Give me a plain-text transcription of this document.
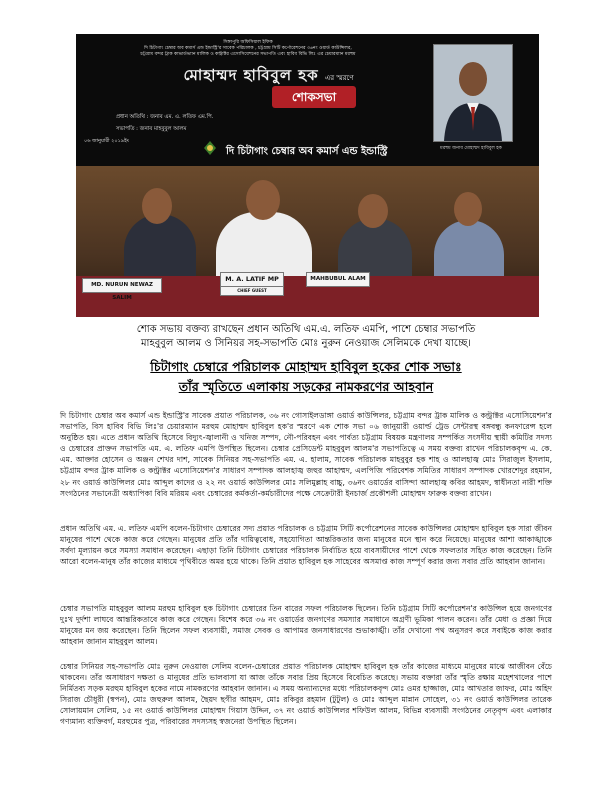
সিঙ্গাপুরি অফিসিয়াল ইফিক
দি চিটাগাং চেম্বার অব কমার্স এন্ড ইন্ডাস্ট্রি'র সাবেক পরিচালক , চট্টগ্রাম সিটি কর্পোরেশনের ৩৬নং ওয়ার্ড কাউন্সিলর,
চট্টগ্রাম বন্দর ট্রাক কাভার্ডভ্যান মালিক ও কন্ট্রাক্টর এসোসিয়েশনের সভাপতি এবং হাবিব বিভি লিঃ এর চেয়ারম্যান মরহুম
মোহাম্মদ হাবিবুল হক এর স্মরণে
শোকসভা
প্রধান অতিথি : জনাব এম. এ. লতিফ এম.পি.
সভাপতি : জনাব মাহবুবুল আলম
০৬ জানুয়ারী ২০১৯ইং
দি চিটাগাং চেম্বার অব কমার্স এন্ড ইন্ডাস্ট্রি	মরহুম জনাব মোহাম্মদ হাবিবুল হক
MD. NURUN NEWAZ SALIM
M. A. LATIF MP
CHIEF GUEST
MAHBUBUL ALAM
শোক সভায় বক্তব্য রাখছেন প্রধান অতিথি এম.এ. লতিফ এমপি, পাশে চেম্বার সভাপতি
মাহবুবুল আলম ও সিনিয়র সহ-সভাপতি মোঃ নুরুন নেওয়াজ সেলিমকে দেখা যাচ্ছে।
চিটাগাং চেম্বারে পরিচালক মোহাম্মদ হাবিবুল হকের শোক সভাঃ
তাঁর স্মৃতিতে এলাকায় সড়কের নামকরণের আহবান

দি চিটাগাং চেম্বার অব কমার্স এন্ড ইন্ডাস্ট্রি'র সাবেক প্রয়াত পরিচালক, ৩৬ নং গোসাইলডাঙ্গা ওয়ার্ড কাউন্সিলর, চট্টগ্রাম বন্দর ট্রাক মালিক ও কন্ট্রাক্টর এসোসিয়েশন'র সভাপতি, বিস হাবিব বিভি লিঃ'র চেয়ারম্যান মরহুম মোহাম্মদ হাবিবুল হক'র স্মরণে এক শোক সভা ০৬ জানুয়ারী ওয়ার্ল্ড ট্রেড সেন্টারস্থ বঙ্গবন্ধু কনফারেন্স হলে অনুষ্ঠিত হয়। এতে প্রধান অতিথি হিসেবে বিদ্যুৎ-জ্বালানী ও খনিজ সম্পদ, নৌ-পরিবহন এবং পার্বত্য চট্টগ্রাম বিষয়ক মন্ত্রণালয় সম্পর্কিত সংসদীয় স্থায়ী কমিটির সদস্য ও চেম্বারের প্রাক্তন সভাপতি এম. এ. লতিফ এমপি উপস্থিত ছিলেন। চেম্বার প্রেসিডেন্ট মাহবুবুল আলম'র সভাপতিত্বে এ সময় বক্তব্য রাখেন পরিচালকবৃন্দ এ. কে. এম. আক্তার হোসেন ও অঞ্জন শেখর দাশ, সাবেক সিনিয়র সহ-সভাপতি এম. এ. হালাম, সাবেক পরিচালক মাহবুবুর হক শাহ ও আলহাজ্ব মোঃ সিরাজুল ইসলাম, চট্টগ্রাম বন্দর ট্রাক মালিক ও কন্ট্রাক্টর এসোসিয়েশন'র সাধারণ সম্পাদক আলহাজ্ব জহুর আহাম্মদ, এলপিজি পরিবেশক সমিতির সাধারণ সম্পাদক খোরশেদুর রহমান, ২৮ নং ওয়ার্ড কাউন্সিলর মোঃ আব্দুল কাদের ও ২২ নং ওয়ার্ড কাউন্সিলর মোঃ সলিমুল্লাহ বাচ্চু, ৩৬নং ওয়ার্ডের বাসিন্দা আলহাজ্ব কবির আহমদ, স্বাধীনতা নারী শক্তি সংগঠনের সভানেত্রী অধ্যাপিকা বিবি মরিয়ম এবং চেম্বারের কর্মকর্তা-কর্মচারীদের পক্ষে সেক্রেটারী ইনচার্জ প্রকৌশলী মোহাম্মদ ফারুক বক্তব্য রাখেন।

প্রধান অতিথি এম. এ. লতিফ এমপি বলেন-চিটাগাং চেম্বারের সদ্য প্রয়াত পরিচালক ও চট্টগ্রাম সিটি কর্পোরেশনের সাবেক কাউন্সিলর মোহাম্মদ হাবিবুল হক সারা জীবন মানুষের পাশে থেকে কাজ করে গেছেন। মানুষের প্রতি তাঁর দায়িত্ববোধ, সহযোগিতা আন্তরিকতার জন্য মানুষের মনে স্থান করে নিয়েছে। মানুষের আশা আকাঙ্খাকে সর্বদা মূল্যায়ন করে সমস্যা সমাধান করেছেন। এছাড়া তিনি চিটাগাং চেম্বারের পরিচালক নির্বাচিত হয়ে ব্যবসায়ীদের পাশে থেকে সফলতার সহিত কাজ করেছেন। তিনি আরো বলেন-মানুষ তাঁর কাজের মাধ্যমে পৃথিবীতে অমর হয়ে থাকে। তিনি প্রয়াত হাবিবুল হক সাহেবের অসমাপ্ত কাজ সম্পূর্ণ করার জন্য সবার প্রতি আহবান জানান।

চেম্বার সভাপতি মাহবুবুল আলম মরহুম হাবিবুল হক চিটাগাং চেম্বারের তিন বারের সফল পরিচালক ছিলেন। তিনি চট্টগ্রাম সিটি কর্পোরেশন'র কাউন্সিল হয়ে জনগণের দুঃখ দুর্দশা লাঘবে আন্তরিকতাবে কাজ করে গেছেন। বিশেষ করে ৩৬ নং ওয়ার্ডের জনগণের সমস্যার সমাধানে অগ্রণী ভূমিকা পালন করেন। তাঁর মেধা ও প্রজ্ঞা দিয়ে মানুষের মন জয় করেছেন। তিনি ছিলেন সফল ব্যবসায়ী, সমাজ সেবক ও আপামর জনসাধারণের শুভাকাঙ্খী। তাঁর দেখানো পথ অনুসরণ করে সবাইকে কাজ করার আহবান জানান মাহবুবুল আলম।

চেম্বার সিনিয়র সহ-সভাপতি মোঃ নুরুন নেওয়াজ সেলিম বলেন-চেম্বারের প্রয়াত পরিচালক মোহাম্মদ হাবিবুল হক তাঁর কাজের মাধ্যমে মানুষের মাঝে আজীবন বেঁচে থাকবেন। তাঁর অসাধারণ দক্ষতা ও মানুষের প্রতি ভালবাসা যা আজ তাঁকে সবার প্রিয় হিসেবে বিবেচিত করেছে। সভায় বক্তারা তাঁর স্মৃতি রক্ষায় মহেশখালের পাশে নির্মিতব্য সড়ক মরহুম হাবিবুল হকের নামে নামকরণের আহবান জানান। এ সময় অন্যান্যদের মধ্যে পরিচালকবৃন্দ মোঃ ওমর হাজ্জাজ, মোঃ আখতার জাফর, মোঃ অহিদ সিরাজ চৌধুরী (স্বপন), মোঃ জহুরুল আলম, ছৈয়দ ছগীর আহমদ, মোঃ রকিবুর রহমান (টুটুল) ও মোঃ আব্দুল মান্নান সোহেল, ৩১ নং ওয়ার্ড কাউন্সিলর তারেক সোলায়মান সেলিম, ১৫ নং ওয়ার্ড কাউন্সিলর মোহাম্মদ গিয়াস উদ্দিন, ৩৭ নং ওয়ার্ড কাউন্সিলর শফিউল আলম, বিভিন্ন ব্যবসায়ী সংগঠনের নেতৃবৃন্দ এবং এলাকার গণ্যমান্য ব্যক্তিবর্গ, মরহুমের পুত্র, পরিবারের সদস্যসহ স্বজনেরা উপস্থিত ছিলেন।
